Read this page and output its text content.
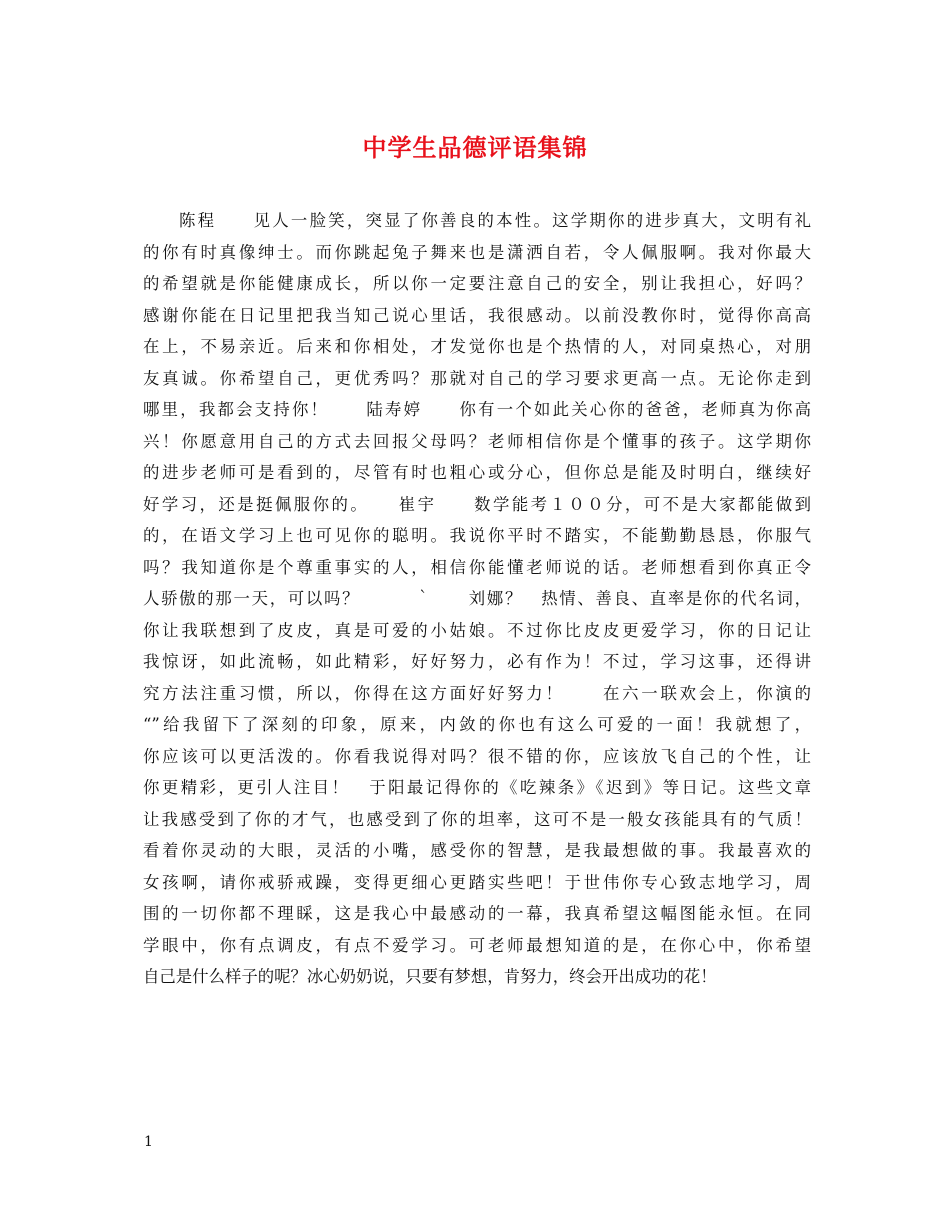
中学生品德评语集锦
陈程　　见人一脸笑，突显了你善良的本性。这学期你的进步真大，文明有礼
的你有时真像绅士。而你跳起兔子舞来也是潇洒自若，令人佩服啊。我对你最大
的希望就是你能健康成长，所以你一定要注意自己的安全，别让我担心，好吗？
感谢你能在日记里把我当知己说心里话，我很感动。以前没教你时，觉得你高高
在上，不易亲近。后来和你相处，才发觉你也是个热情的人，对同桌热心，对朋
友真诚。你希望自己，更优秀吗？那就对自己的学习要求更高一点。无论你走到
哪里，我都会支持你！　　陆寿婷　　你有一个如此关心你的爸爸，老师真为你高
兴！你愿意用自己的方式去回报父母吗？老师相信你是个懂事的孩子。这学期你
的进步老师可是看到的，尽管有时也粗心或分心，但你总是能及时明白，继续好
好学习，还是挺佩服你的。　　崔宇　　数学能考１００分，可不是大家都能做到
的，在语文学习上也可见你的聪明。我说你平时不踏实，不能勤勤恳恳，你服气
吗？我知道你是个尊重事实的人，相信你能懂老师说的话。老师想看到你真正令
人骄傲的那一天，可以吗？　　　｀　　刘娜？　热情、善良、直率是你的代名词，
你让我联想到了皮皮，真是可爱的小姑娘。不过你比皮皮更爱学习，你的日记让
我惊讶，如此流畅，如此精彩，好好努力，必有作为！不过，学习这事，还得讲
究方法注重习惯，所以，你得在这方面好好努力！　　在六一联欢会上，你演的
“”给我留下了深刻的印象，原来，内敛的你也有这么可爱的一面！我就想了，
你应该可以更活泼的。你看我说得对吗？很不错的你，应该放飞自己的个性，让
你更精彩，更引人注目！　于阳最记得你的《吃辣条》《迟到》等日记。这些文章
让我感受到了你的才气，也感受到了你的坦率，这可不是一般女孩能具有的气质！
看着你灵动的大眼，灵活的小嘴，感受你的智慧，是我最想做的事。我最喜欢的
女孩啊，请你戒骄戒躁，变得更细心更踏实些吧！于世伟你专心致志地学习，周
围的一切你都不理睬，这是我心中最感动的一幕，我真希望这幅图能永恒。在同
学眼中，你有点调皮，有点不爱学习。可老师最想知道的是，在你心中，你希望
自己是什么样子的呢？冰心奶奶说，只要有梦想，肯努力，终会开出成功的花！
1
